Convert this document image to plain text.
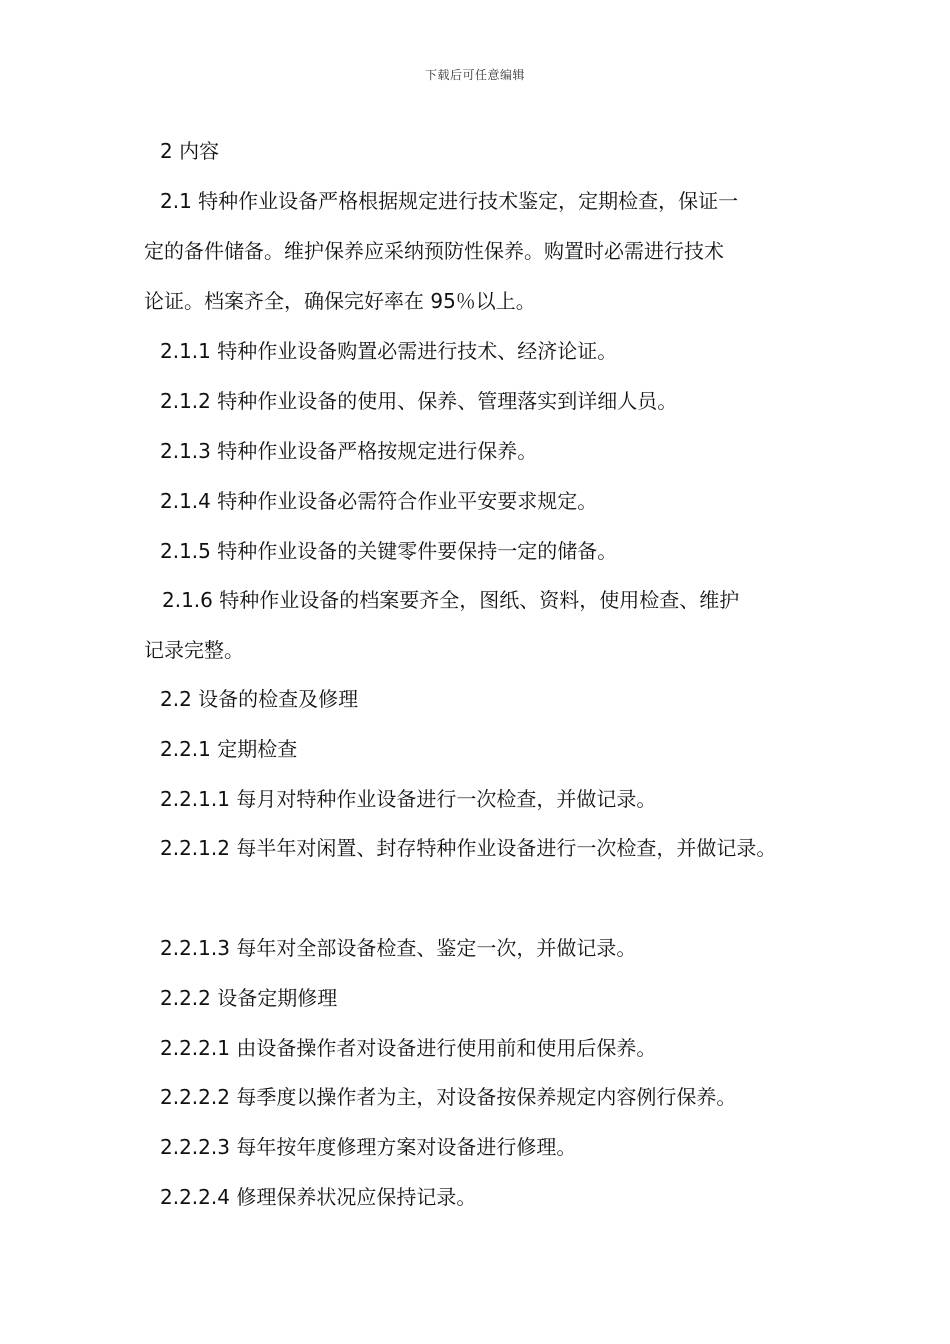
下载后可任意编辑
2 内容
2.1 特种作业设备严格根据规定进行技术鉴定，定期检查，保证一
定的备件储备。维护保养应采纳预防性保养。购置时必需进行技术
论证。档案齐全，确保完好率在 95％以上。
2.1.1 特种作业设备购置必需进行技术、经济论证。
2.1.2 特种作业设备的使用、保养、管理落实到详细人员。
2.1.3 特种作业设备严格按规定进行保养。
2.1.4 特种作业设备必需符合作业平安要求规定。
2.1.5 特种作业设备的关键零件要保持一定的储备。
2.1.6 特种作业设备的档案要齐全，图纸、资料，使用检查、维护
记录完整。
2.2 设备的检查及修理
2.2.1 定期检查
2.2.1.1 每月对特种作业设备进行一次检查，并做记录。
2.2.1.2 每半年对闲置、封存特种作业设备进行一次检查，并做记录。
2.2.1.3 每年对全部设备检查、鉴定一次，并做记录。
2.2.2 设备定期修理
2.2.2.1 由设备操作者对设备进行使用前和使用后保养。
2.2.2.2 每季度以操作者为主，对设备按保养规定内容例行保养。
2.2.2.3 每年按年度修理方案对设备进行修理。
2.2.2.4 修理保养状况应保持记录。
